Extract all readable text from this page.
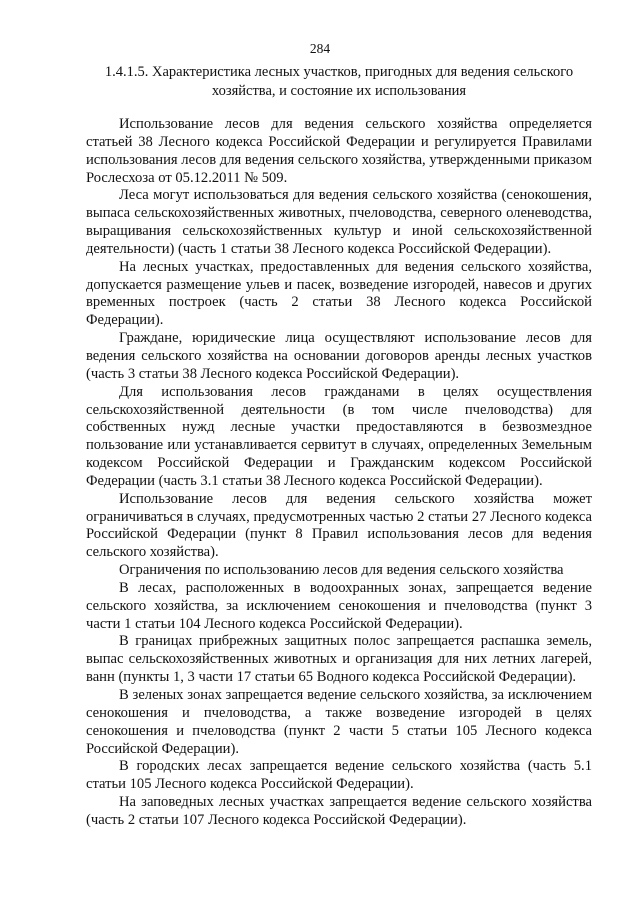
284
1.4.1.5. Характеристика лесных участков, пригодных для ведения сельского хозяйства, и состояние их использования

Использование лесов для ведения сельского хозяйства определяется статьей 38 Лесного кодекса Российской Федерации и регулируется Правилами использования лесов для ведения сельского хозяйства, утвержденными приказом Рослесхоза от 05.12.2011 № 509.

Леса могут использоваться для ведения сельского хозяйства (сенокошения, выпаса сельскохозяйственных животных, пчеловодства, северного оленеводства, выращивания сельскохозяйственных культур и иной сельскохозяйственной деятельности) (часть 1 статьи 38 Лесного кодекса Российской Федерации).

На лесных участках, предоставленных для ведения сельского хозяйства, допускается размещение ульев и пасек, возведение изгородей, навесов и других временных построек (часть 2 статьи 38 Лесного кодекса Российской Федерации).

Граждане, юридические лица осуществляют использование лесов для ведения сельского хозяйства на основании договоров аренды лесных участков (часть 3 статьи 38 Лесного кодекса Российской Федерации).

Для использования лесов гражданами в целях осуществления сельскохозяйственной деятельности (в том числе пчеловодства) для собственных нужд лесные участки предоставляются в безвозмездное пользование или устанавливается сервитут в случаях, определенных Земельным кодексом Российской Федерации и Гражданским кодексом Российской Федерации (часть 3.1 статьи 38 Лесного кодекса Российской Федерации).

Использование лесов для ведения сельского хозяйства может ограничиваться в случаях, предусмотренных частью 2 статьи 27 Лесного кодекса Российской Федерации (пункт 8 Правил использования лесов для ведения сельского хозяйства).

Ограничения по использованию лесов для ведения сельского хозяйства

В лесах, расположенных в водоохранных зонах, запрещается ведение сельского хозяйства, за исключением сенокошения и пчеловодства (пункт 3 части 1 статьи 104 Лесного кодекса Российской Федерации).

В границах прибрежных защитных полос запрещается распашка земель, выпас сельскохозяйственных животных и организация для них летних лагерей, ванн (пункты 1, 3 части 17 статьи 65 Водного кодекса Российской Федерации).

В зеленых зонах запрещается ведение сельского хозяйства, за исключением сенокошения и пчеловодства, а также возведение изгородей в целях сенокошения и пчеловодства (пункт 2 части 5 статьи 105 Лесного кодекса Российской Федерации).

В городских лесах запрещается ведение сельского хозяйства (часть 5.1 статьи 105 Лесного кодекса Российской Федерации).

На заповедных лесных участках запрещается ведение сельского хозяйства (часть 2 статьи 107 Лесного кодекса Российской Федерации).
